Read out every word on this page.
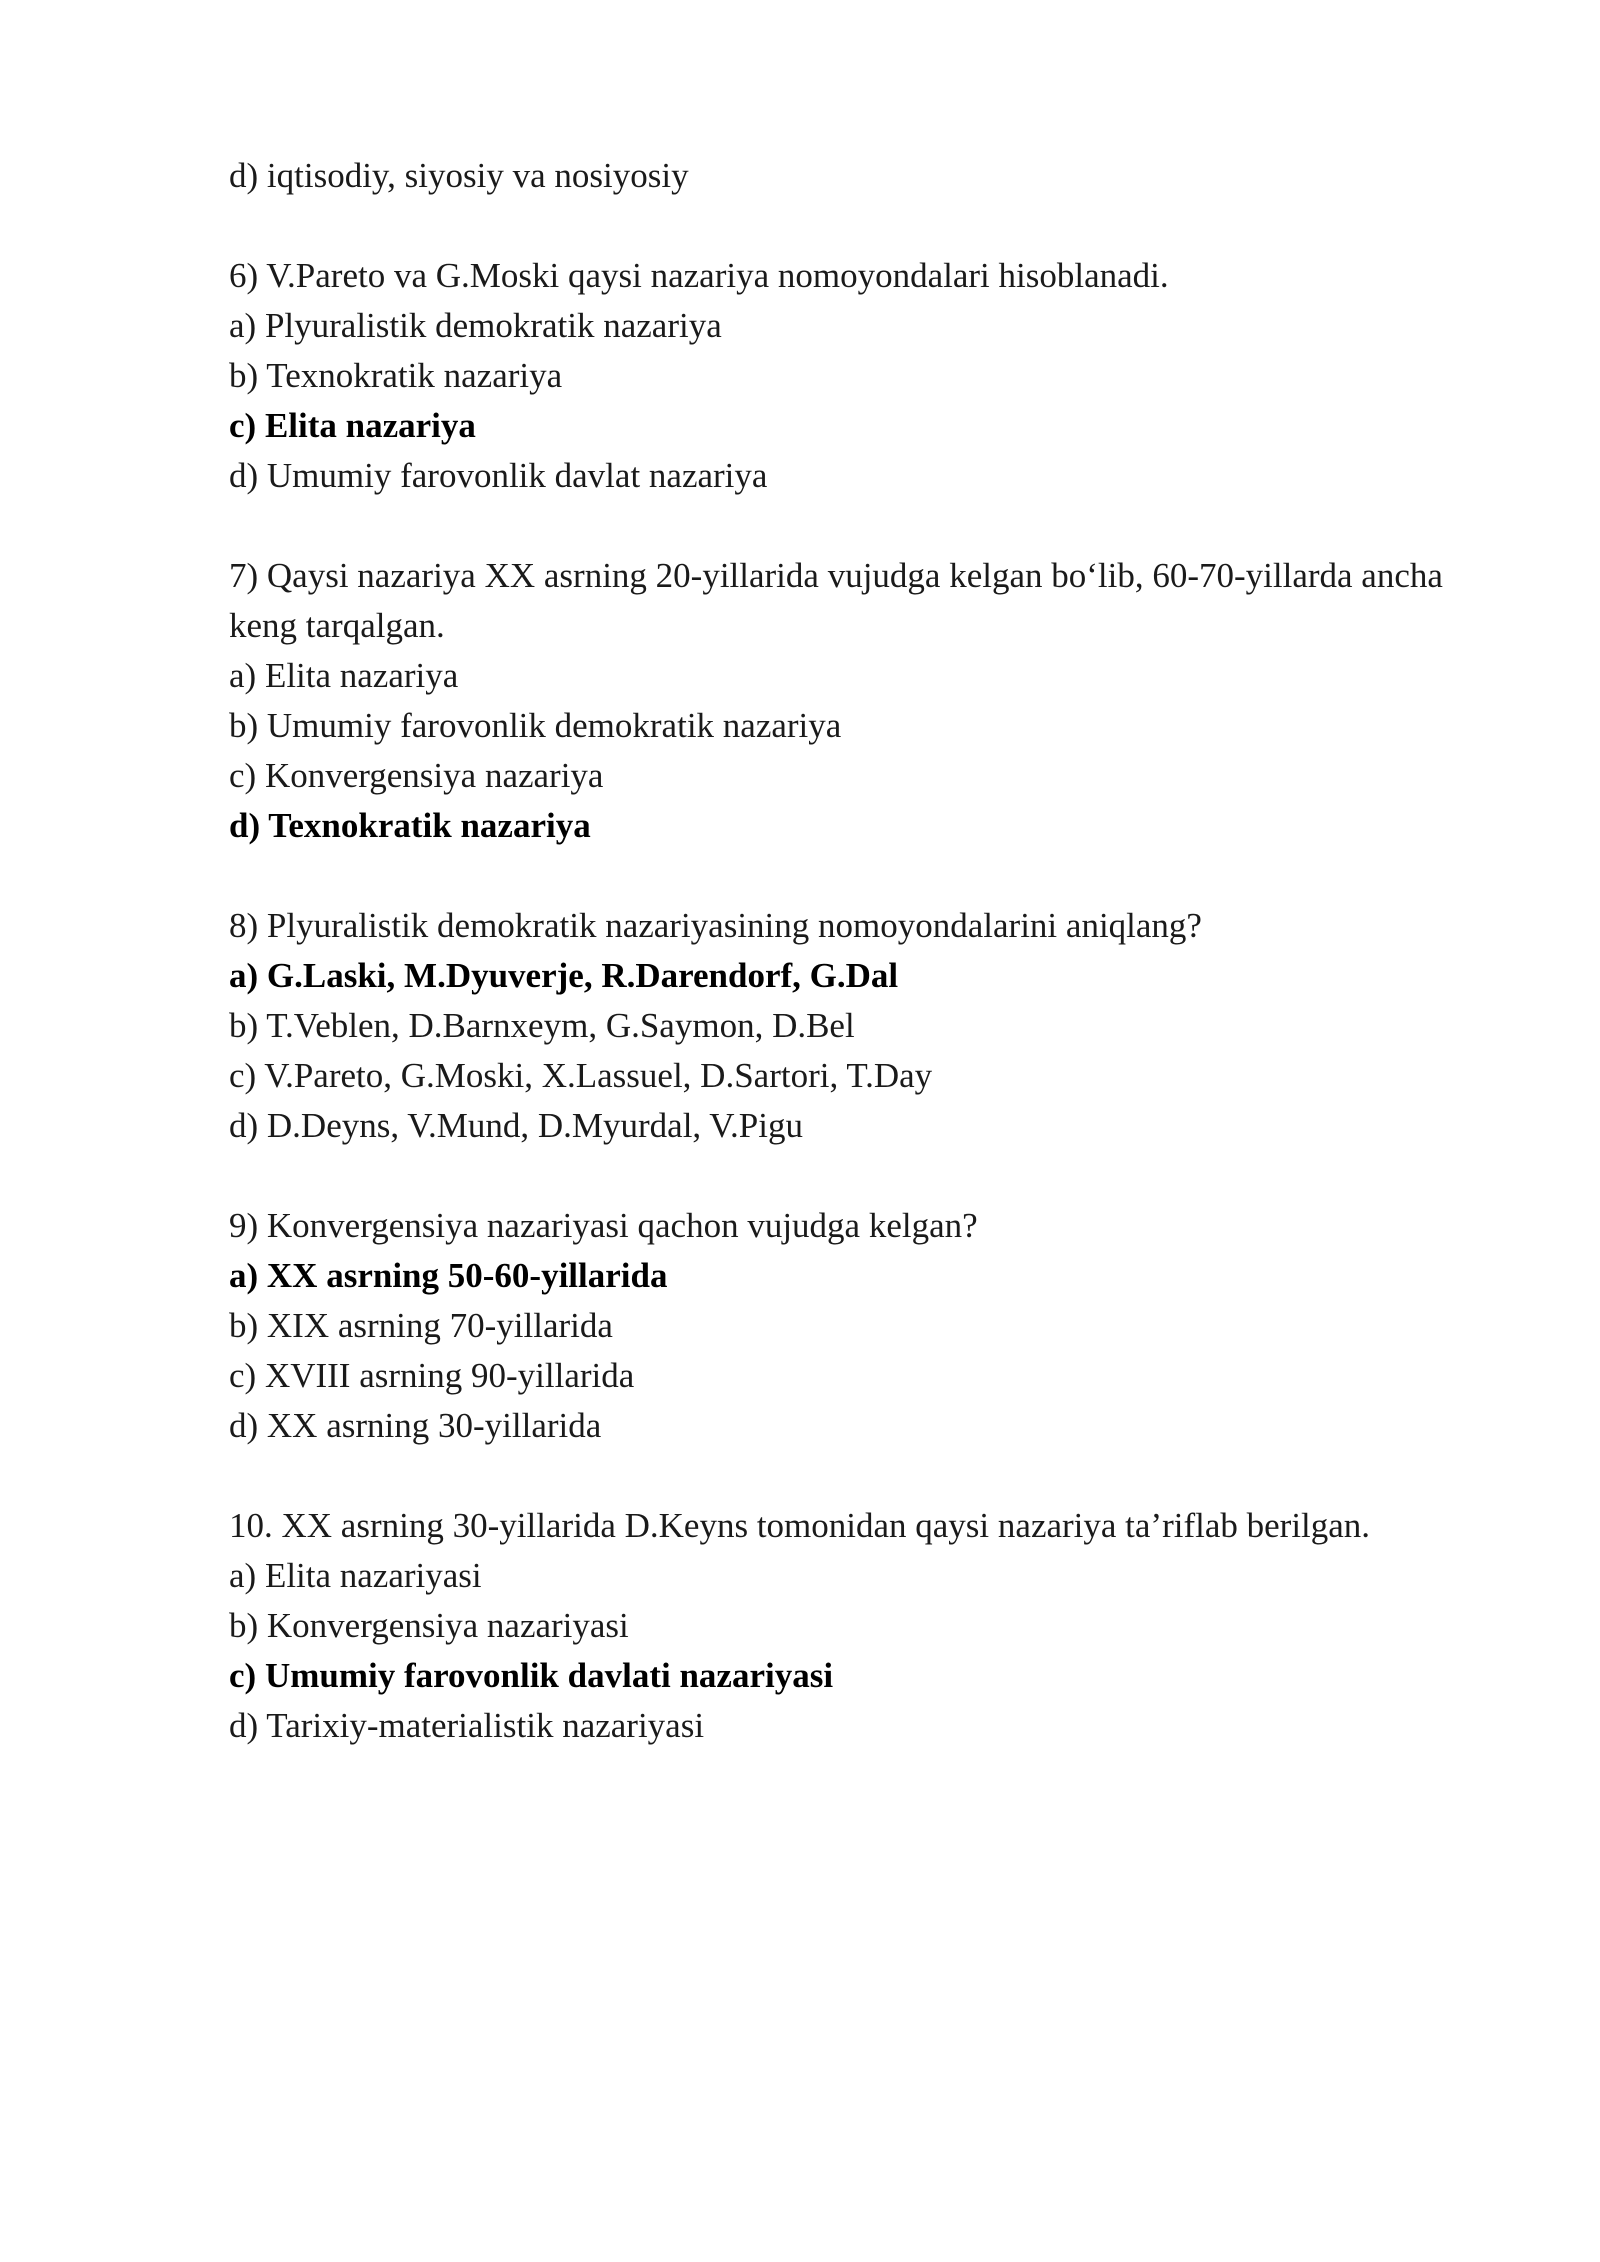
d) iqtisodiy, siyosiy va nosiyosiy

6) V.Pareto va G.Moski qaysi nazariya nomoyondalari hisoblanadi.

a) Plyuralistik demokratik nazariya

b) Texnokratik nazariya

c) Elita nazariya

d) Umumiy farovonlik davlat nazariya

7) Qaysi nazariya XX asrning 20-yillarida vujudga kelgan bo‘lib, 60-70-yillarda ancha keng tarqalgan.

a) Elita nazariya

b) Umumiy farovonlik demokratik nazariya

c) Konvergensiya nazariya

d) Texnokratik nazariya

8) Plyuralistik demokratik nazariyasining nomoyondalarini aniqlang?

a) G.Laski, M.Dyuverje, R.Darendorf, G.Dal

b) T.Veblen, D.Barnxeym, G.Saymon, D.Bel

c) V.Pareto, G.Moski, X.Lassuel, D.Sartori, T.Day

d) D.Deyns, V.Mund, D.Myurdal, V.Pigu

9) Konvergensiya nazariyasi qachon vujudga kelgan?

a) XX asrning 50-60-yillarida

b) XIX asrning 70-yillarida

c) XVIII asrning 90-yillarida

d) XX asrning 30-yillarida

10. XX asrning 30-yillarida D.Keyns tomonidan qaysi nazariya ta’riflab berilgan.

a) Elita nazariyasi

b) Konvergensiya nazariyasi

c) Umumiy farovonlik davlati nazariyasi

d) Tarixiy-materialistik nazariyasi
